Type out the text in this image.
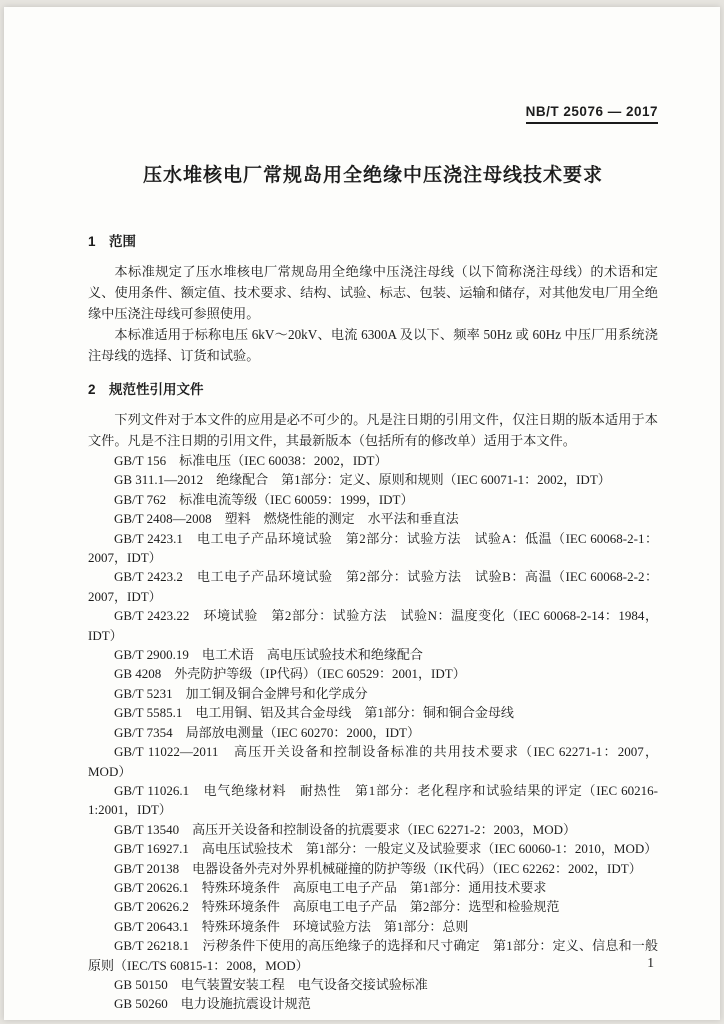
NB/T 25076 — 2017
压水堆核电厂常规岛用全绝缘中压浇注母线技术要求
1　范围

本标准规定了压水堆核电厂常规岛用全绝缘中压浇注母线（以下简称浇注母线）的术语和定义、使用条件、额定值、技术要求、结构、试验、标志、包装、运输和储存，对其他发电厂用全绝缘中压浇注母线可参照使用。

本标准适用于标称电压 6kV～20kV、电流 6300A 及以下、频率 50Hz 或 60Hz 中压厂用系统浇注母线的选择、订货和试验。

2　规范性引用文件

下列文件对于本文件的应用是必不可少的。凡是注日期的引用文件，仅注日期的版本适用于本文件。凡是不注日期的引用文件，其最新版本（包括所有的修改单）适用于本文件。

GB/T 156　标准电压（IEC 60038：2002，IDT）

GB 311.1—2012　绝缘配合　第1部分：定义、原则和规则（IEC 60071-1：2002，IDT）

GB/T 762　标准电流等级（IEC 60059：1999，IDT）

GB/T 2408—2008　塑料　燃烧性能的测定　水平法和垂直法

GB/T 2423.1　电工电子产品环境试验　第2部分：试验方法　试验A：低温（IEC 60068-2-1：2007，IDT）

GB/T 2423.2　电工电子产品环境试验　第2部分：试验方法　试验B：高温（IEC 60068-2-2：2007，IDT）

GB/T 2423.22　环境试验　第2部分：试验方法　试验N：温度变化（IEC 60068-2-14：1984，IDT）

GB/T 2900.19　电工术语　高电压试验技术和绝缘配合

GB 4208　外壳防护等级（IP代码）（IEC 60529：2001，IDT）

GB/T 5231　加工铜及铜合金牌号和化学成分

GB/T 5585.1　电工用铜、铝及其合金母线　第1部分：铜和铜合金母线

GB/T 7354　局部放电测量（IEC 60270：2000，IDT）

GB/T 11022—2011　高压开关设备和控制设备标准的共用技术要求（IEC 62271-1：2007，MOD）

GB/T 11026.1　电气绝缘材料　耐热性　第1部分：老化程序和试验结果的评定（IEC 60216-1:2001，IDT）

GB/T 13540　高压开关设备和控制设备的抗震要求（IEC 62271-2：2003，MOD）

GB/T 16927.1　高电压试验技术　第1部分：一般定义及试验要求（IEC 60060-1：2010，MOD）

GB/T 20138　电器设备外壳对外界机械碰撞的防护等级（IK代码）（IEC 62262：2002，IDT）

GB/T 20626.1　特殊环境条件　高原电工电子产品　第1部分：通用技术要求

GB/T 20626.2　特殊环境条件　高原电工电子产品　第2部分：选型和检验规范

GB/T 20643.1　特殊环境条件　环境试验方法　第1部分：总则

GB/T 26218.1　污秽条件下使用的高压绝缘子的选择和尺寸确定　第1部分：定义、信息和一般原则（IEC/TS 60815-1：2008，MOD）

GB 50150　电气装置安装工程　电气设备交接试验标准

GB 50260　电力设施抗震设计规范

1
